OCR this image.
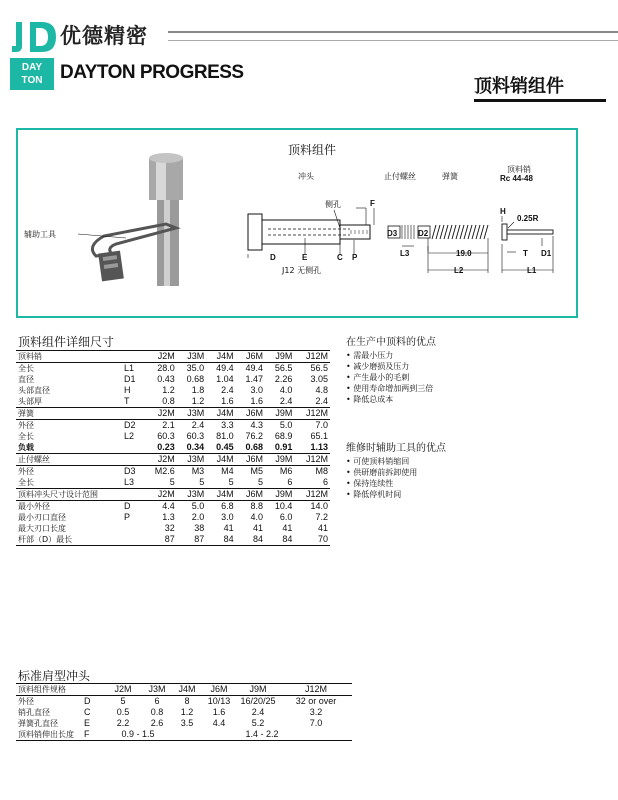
优德精密
DAY
TON DAYTON PROGRESS
顶料销组件
顶料组件
辅助工具
冲头	止付螺丝	弹簧
顶料销
Rc 44-48
侧孔	F
D	E	C P
J12 无侧孔
D3
L3
D2
19.0
L2
H
0.25R
T D1
L1
顶料组件详细尺寸
顶料销		J2M	J3M	J4M	J6M	J9M	J12M
全长	L1	28.0	35.0	49.4	49.4	56.5	56.5
直径	D1	0.43	0.68	1.04	1.47	2.26	3.05
头部直径	H	1.2	1.8	2.4	3.0	4.0	4.8
头部厚	T	0.8	1.2	1.6	1.6	2.4	2.4
弹簧		J2M	J3M	J4M	J6M	J9M	J12M
外径	D2	2.1	2.4	3.3	4.3	5.0	7.0
全长	L2	60.3	60.3	81.0	76.2	68.9	65.1
负载		0.23	0.34	0.45	0.68	0.91	1.13
止付螺丝		J2M	J3M	J4M	J6M	J9M	J12M
外径	D3	M2.6	M3	M4	M5	M6	M8
全长	L3	5	5	5	5	6	6
顶料冲头尺寸设计范围		J2M	J3M	J4M	J6M	J9M	J12M
最小外径	D	4.4	5.0	6.8	8.8	10.4	14.0
最小刃口直径	P	1.3	2.0	3.0	4.0	6.0	7.2
最大刃口长度		32	38	41	41	41	41
杆部（D）最长		87	87	84	84	84	70
在生产中顶料的优点
• 需最小压力
• 减少磨损及压力
• 产生最小的毛刺
• 使用寿命增加两到三倍
• 降低总成本
维修时辅助工具的优点
• 可使顶料销缩回
• 供研磨前拆卸使用
• 保持连续性
• 降低停机时间
标准肩型冲头
顶料组件规格		J2M	J3M	J4M	J6M	J9M	J12M
外径	D	5	6	8	10/13	16/20/25	32 or over
销孔直径	C	0.5	0.8	1.2	1.6	2.4	3.2
弹簧孔直径	E	2.2	2.6	3.5	4.4	5.2	7.0
顶料销伸出长度	F	0.9 - 1.5		1.4 - 2.2			
